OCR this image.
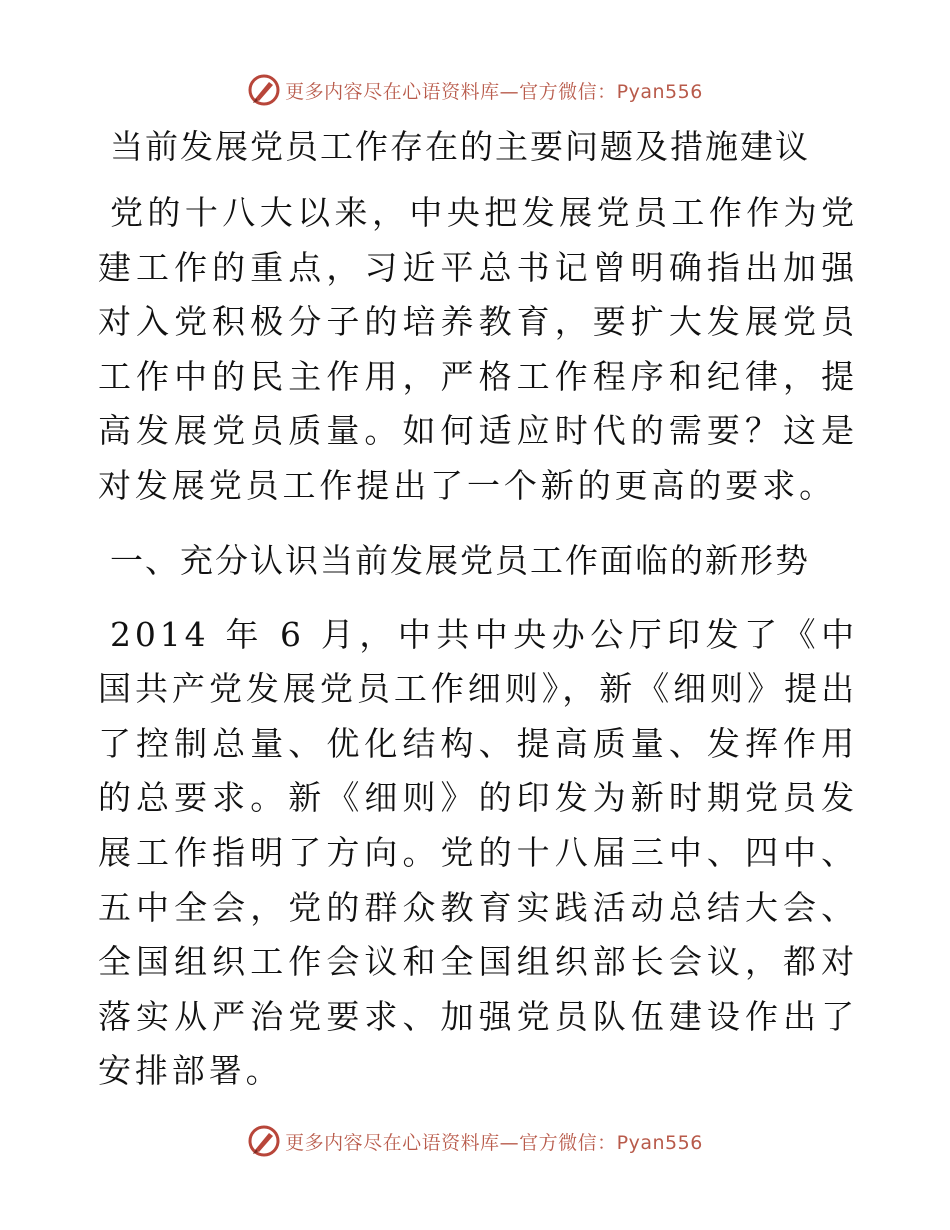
更多内容尽在心语资料库—官方微信：Pyan556
当前发展党员工作存在的主要问题及措施建议

党的十八大以来，中央把发展党员工作作为党建工作的重点，习近平总书记曾明确指出加强对入党积极分子的培养教育，要扩大发展党员工作中的民主作用，严格工作程序和纪律，提高发展党员质量。如何适应时代的需要？这是对发展党员工作提出了一个新的更高的要求。

一、充分认识当前发展党员工作面临的新形势

2014 年 6 月，中共中央办公厅印发了《中国共产党发展党员工作细则》，新《细则》提出了控制总量、优化结构、提高质量、发挥作用的总要求。新《细则》的印发为新时期党员发展工作指明了方向。党的十八届三中、四中、五中全会，党的群众教育实践活动总结大会、全国组织工作会议和全国组织部长会议，都对落实从严治党要求、加强党员队伍建设作出了安排部署。

更多内容尽在心语资料库—官方微信：Pyan556
